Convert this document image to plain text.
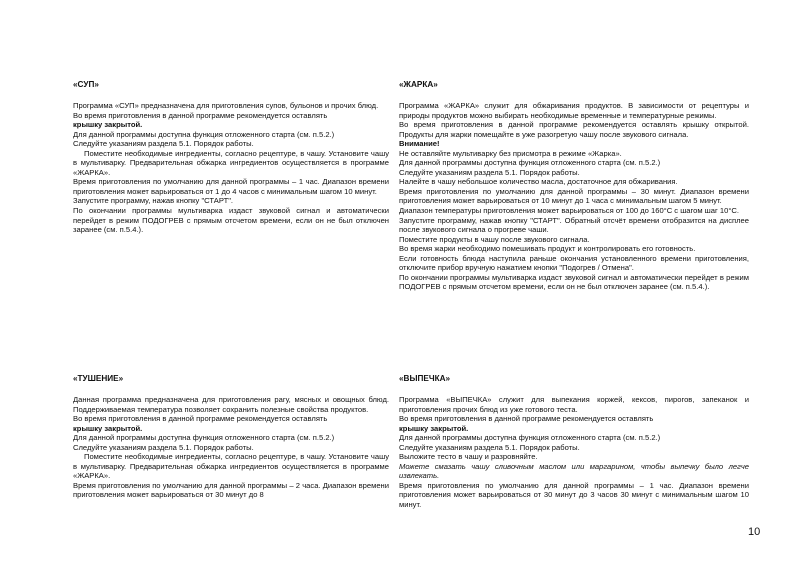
«СУП»

Программа «СУП» предназначена для приготовления супов, бульонов и прочих блюд.

Во время приготовления в данной программе рекомендуется оставлять

крышку закрытой.

Для данной программы доступна функция отложенного старта (см. п.5.2.)

Следуйте указаниям раздела 5.1. Порядок работы.

Поместите необходимые ингредиенты, согласно рецептуре, в чашу. Установите чашу в мультиварку. Предварительная обжарка ингредиентов осуществляется в программе «ЖАРКА».

Время приготовления по умолчанию для данной программы – 1 час. Диапазон времени приготовления может варьироваться от 1 до 4 часов с минимальным шагом 10 минут.

Запустите программу, нажав кнопку "СТАРТ".

По окончании программы мультиварка издаст звуковой сигнал и автоматически перейдет в режим ПОДОГРЕВ с прямым отсчетом времени, если он не был отключен заранее (см. п.5.4.).

«ТУШЕНИЕ»

Данная программа предназначена для приготовления рагу, мясных и овощных блюд. Поддерживаемая температура позволяет сохранить полезные свойства продуктов.

Во время приготовления в данной программе рекомендуется оставлять

крышку закрытой.

Для данной программы доступна функция отложенного старта (см. п.5.2.)

Следуйте указаниям раздела 5.1. Порядок работы.

Поместите необходимые ингредиенты, согласно рецептуре, в чашу. Установите чашу в мультиварку. Предварительная обжарка ингредиентов осуществляется в программе «ЖАРКА».

Время приготовления по умолчанию для данной программы – 2 часа. Диапазон времени приготовления может варьироваться от 30 минут до 8

«ЖАРКА»

Программа «ЖАРКА» служит для обжаривания продуктов. В зависимости от рецептуры и природы продуктов можно выбирать необходимые временные и температурные режимы.

Во время приготовления в данной программе рекомендуется оставлять крышку открытой. Продукты для жарки помещайте в уже разогретую чашу после звукового сигнала.

Внимание!

Не оставляйте мультиварку без присмотра в режиме «Жарка».

Для данной программы доступна функция отложенного старта (см. п.5.2.)

Следуйте указаниям раздела 5.1. Порядок работы.

Налейте в чашу небольшое количество масла, достаточное для обжаривания.

Время приготовления по умолчанию для данной программы – 30 минут. Диапазон времени приготовления может варьироваться от 10 минут до 1 часа с минимальным шагом 5 минут.

Диапазон температуры приготовления может варьироваться от 100 до 160°С с шагом шаг 10°С.

Запустите программу, нажав кнопку "СТАРТ". Обратный отсчёт времени отобразится на дисплее после звукового сигнала о прогреве чаши.

Поместите продукты в чашу после звукового сигнала.

Во время жарки необходимо помешивать продукт и контролировать его готовность.

Если готовность блюда наступила раньше окончания установленного времени приготовления, отключите прибор вручную нажатием кнопки "Подогрев / Отмена".

По окончании программы мультиварка издаст звуковой сигнал и автоматически перейдет в режим ПОДОГРЕВ с прямым отсчетом времени, если он не был отключен заранее (см. п.5.4.).

«ВЫПЕЧКА»

Программа «ВЫПЕЧКА» служит для выпекания коржей, кексов, пирогов, запеканок и приготовления прочих блюд из уже готового теста.

Во время приготовления в данной программе рекомендуется оставлять

крышку закрытой.

Для данной программы доступна функция отложенного старта (см. п.5.2.)

Следуйте указаниям раздела 5.1. Порядок работы.

Выложите тесто в чашу и разровняйте.

Можете смазать чашу сливочным маслом или маргарином, чтобы выпечку было легче извлекать.

Время приготовления по умолчанию для данной программы – 1 час. Диапазон времени приготовления может варьироваться от 30 минут до 3 часов 30 минут с минимальным шагом 10 минут.

10
